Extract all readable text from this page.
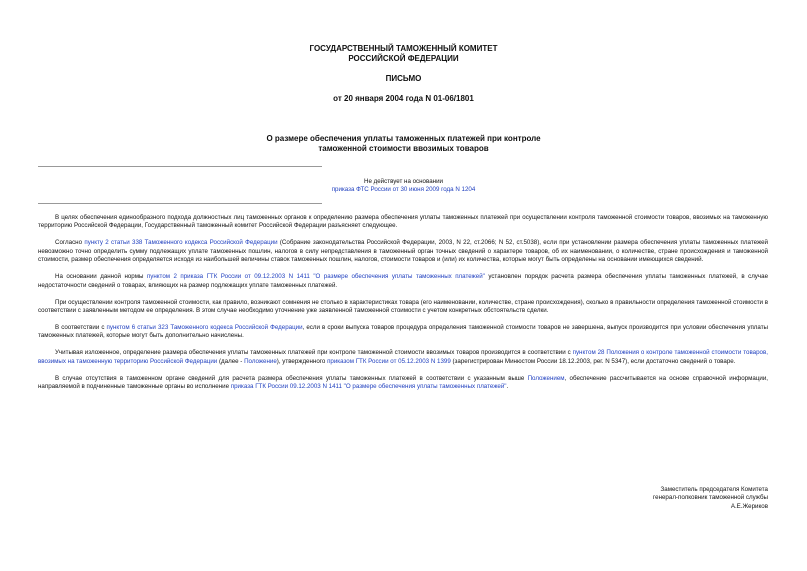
ГОСУДАРСТВЕННЫЙ ТАМОЖЕННЫЙ КОМИТЕТ
РОССИЙСКОЙ ФЕДЕРАЦИИ
ПИСЬМО
от 20 января 2004 года N 01-06/1801
О размере обеспечения уплаты таможенных платежей при контроле
таможенной стоимости ввозимых товаров
Не действует на основании
приказа ФТС России от 30 июня 2009 года N 1204

В целях обеспечения единообразного подхода должностных лиц таможенных органов к определению размера обеспечения уплаты таможенных платежей при осуществлении контроля таможенной стоимости товаров, ввозимых на таможенную территорию Российской Федерации, Государственный таможенный комитет Российской Федерации разъясняет следующее.

Согласно пункту 2 статьи 338 Таможенного кодекса Российской Федерации (Собрание законодательства Российской Федерации, 2003, N 22, ст.2066; N 52, ст.5038), если при установлении размера обеспечения уплаты таможенных платежей невозможно точно определить сумму подлежащих уплате таможенных пошлин, налогов в силу непредставления в таможенный орган точных сведений о характере товаров, об их наименовании, о количестве, стране происхождения и таможенной стоимости, размер обеспечения определяется исходя из наибольшей величины ставок таможенных пошлин, налогов, стоимости товаров и (или) их количества, которые могут быть определены на основании имеющихся сведений.

На основании данной нормы пунктом 2 приказа ГТК России от 09.12.2003 N 1411 "О размере обеспечения уплаты таможенных платежей" установлен порядок расчета размера обеспечения уплаты таможенных платежей, в случае недостаточности сведений о товарах, влияющих на размер подлежащих уплате таможенных платежей.

При осуществлении контроля таможенной стоимости, как правило, возникают сомнения не столько в характеристиках товара (его наименовании, количестве, стране происхождения), сколько в правильности определения таможенной стоимости в соответствии с заявленным методом ее определения. В этом случае необходимо уточнение уже заявленной таможенной стоимости с учетом конкретных обстоятельств сделки.

В соответствии с пунктом 6 статьи 323 Таможенного кодекса Российской Федерации, если в сроки выпуска товаров процедура определения таможенной стоимости товаров не завершена, выпуск производится при условии обеспечения уплаты таможенных платежей, которые могут быть дополнительно начислены.

Учитывая изложенное, определение размера обеспечения уплаты таможенных платежей при контроле таможенной стоимости ввозимых товаров производится в соответствии с пунктом 28 Положения о контроле таможенной стоимости товаров, ввозимых на таможенную территорию Российской Федерации (далее - Положение), утвержденного приказом ГТК России от 05.12.2003 N 1399 (зарегистрирован Минюстом России 18.12.2003, рег. N 5347), если достаточно сведений о товаре.

В случае отсутствия в таможенном органе сведений для расчета размера обеспечения уплаты таможенных платежей в соответствии с указанным выше Положением, обеспечение рассчитывается на основе справочной информации, направляемой в подчиненные таможенные органы во исполнение приказа ГТК России 09.12.2003 N 1411 "О размере обеспечения уплаты таможенных платежей".

Заместитель председателя Комитета
генерал-полковник таможенной службы
А.Е.Жериков
